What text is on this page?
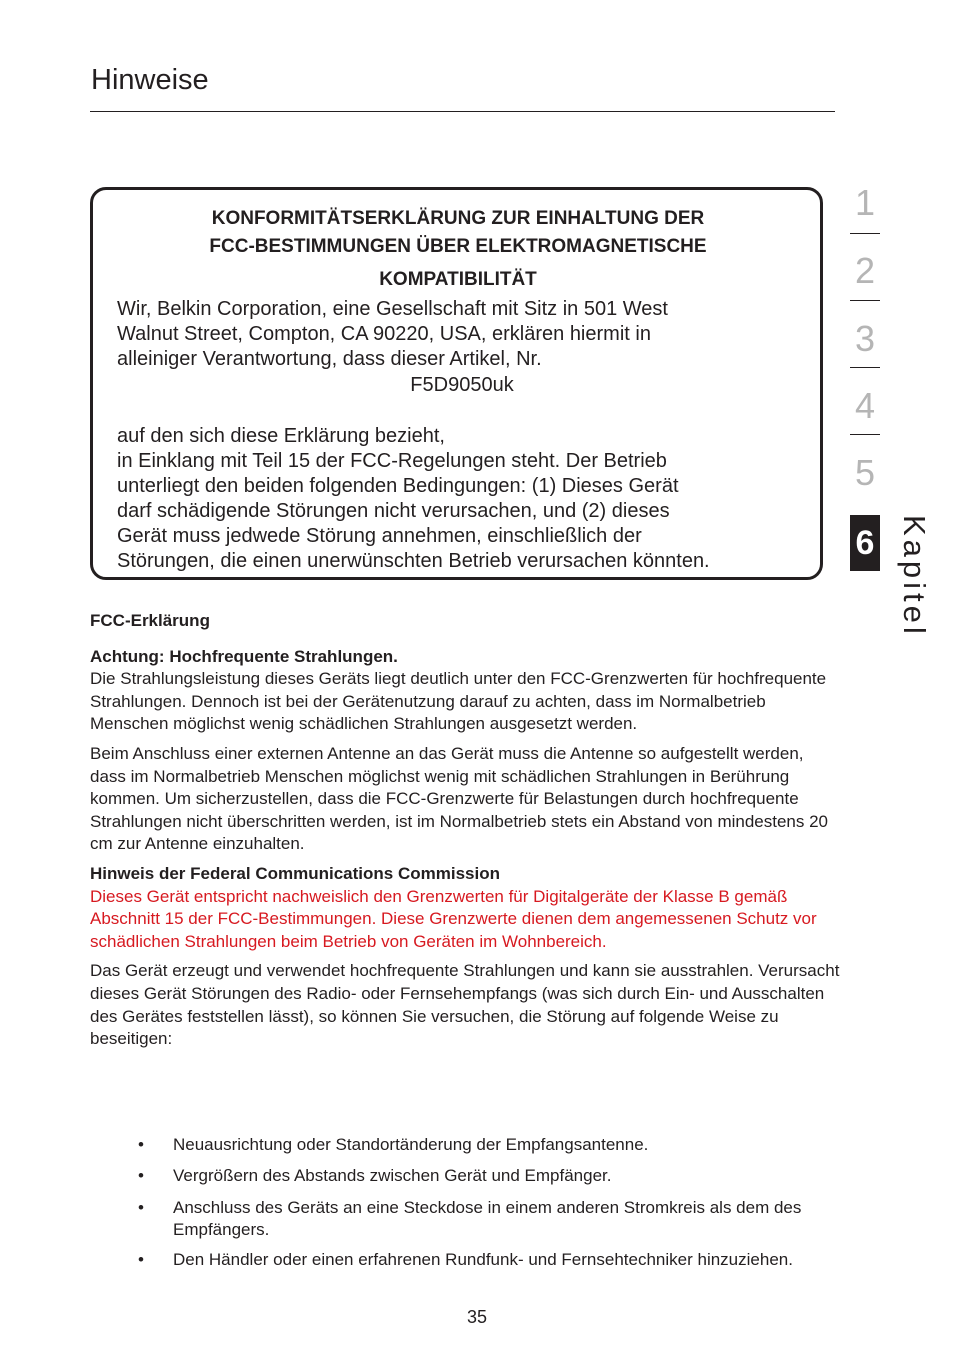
Hinweise
KONFORMITÄTSERKLÄRUNG ZUR EINHALTUNG DER
FCC-BESTIMMUNGEN ÜBER ELEKTROMAGNETISCHE
KOMPATIBILITÄT
Wir, Belkin Corporation, eine Gesellschaft mit Sitz in 501 West
Walnut Street, Compton, CA 90220, USA, erklären hiermit in
alleiniger Verantwortung, dass dieser Artikel, Nr.
F5D9050uk
auf den sich diese Erklärung bezieht,
in Einklang mit Teil 15 der FCC-Regelungen steht. Der Betrieb
unterliegt den beiden folgenden Bedingungen: (1) Dieses Gerät
darf schädigende Störungen nicht verursachen, und (2) dieses
Gerät muss jedwede Störung annehmen, einschließlich der
Störungen, die einen unerwünschten Betrieb verursachen könnten.
1
2
3
4
5
6 Kapitel

FCC-Erklärung

Achtung: Hochfrequente Strahlungen.

Die Strahlungsleistung dieses Geräts liegt deutlich unter den FCC-Grenzwerten für hochfrequente Strahlungen. Dennoch ist bei der Gerätenutzung darauf zu achten, dass im Normalbetrieb Menschen möglichst wenig schädlichen Strahlungen ausgesetzt werden.

Beim Anschluss einer externen Antenne an das Gerät muss die Antenne so aufgestellt werden, dass im Normalbetrieb Menschen möglichst wenig mit schädlichen Strahlungen in Berührung kommen. Um sicherzustellen, dass die FCC-Grenzwerte für Belastungen durch hochfrequente Strahlungen nicht überschritten werden, ist im Normalbetrieb stets ein Abstand von mindestens 20 cm zur Antenne einzuhalten.

Hinweis der Federal Communications Commission

Dieses Gerät entspricht nachweislich den Grenzwerten für Digitalgeräte der Klasse B gemäß Abschnitt 15 der FCC-Bestimmungen. Diese Grenzwerte dienen dem angemessenen Schutz vor schädlichen Strahlungen beim Betrieb von Geräten im Wohnbereich.

Das Gerät erzeugt und verwendet hochfrequente Strahlungen und kann sie ausstrahlen. Verursacht dieses Gerät Störungen des Radio- oder Fernsehempfangs (was sich durch Ein- und Ausschalten des Gerätes feststellen lässt), so können Sie versuchen, die Störung auf folgende Weise zu beseitigen:

• Neuausrichtung oder Standortänderung der Empfangsantenne.
• Vergrößern des Abstands zwischen Gerät und Empfänger.
• Anschluss des Geräts an eine Steckdose in einem anderen Stromkreis als dem des Empfängers.
• Den Händler oder einen erfahrenen Rundfunk- und Fernsehtechniker hinzuziehen.
35
